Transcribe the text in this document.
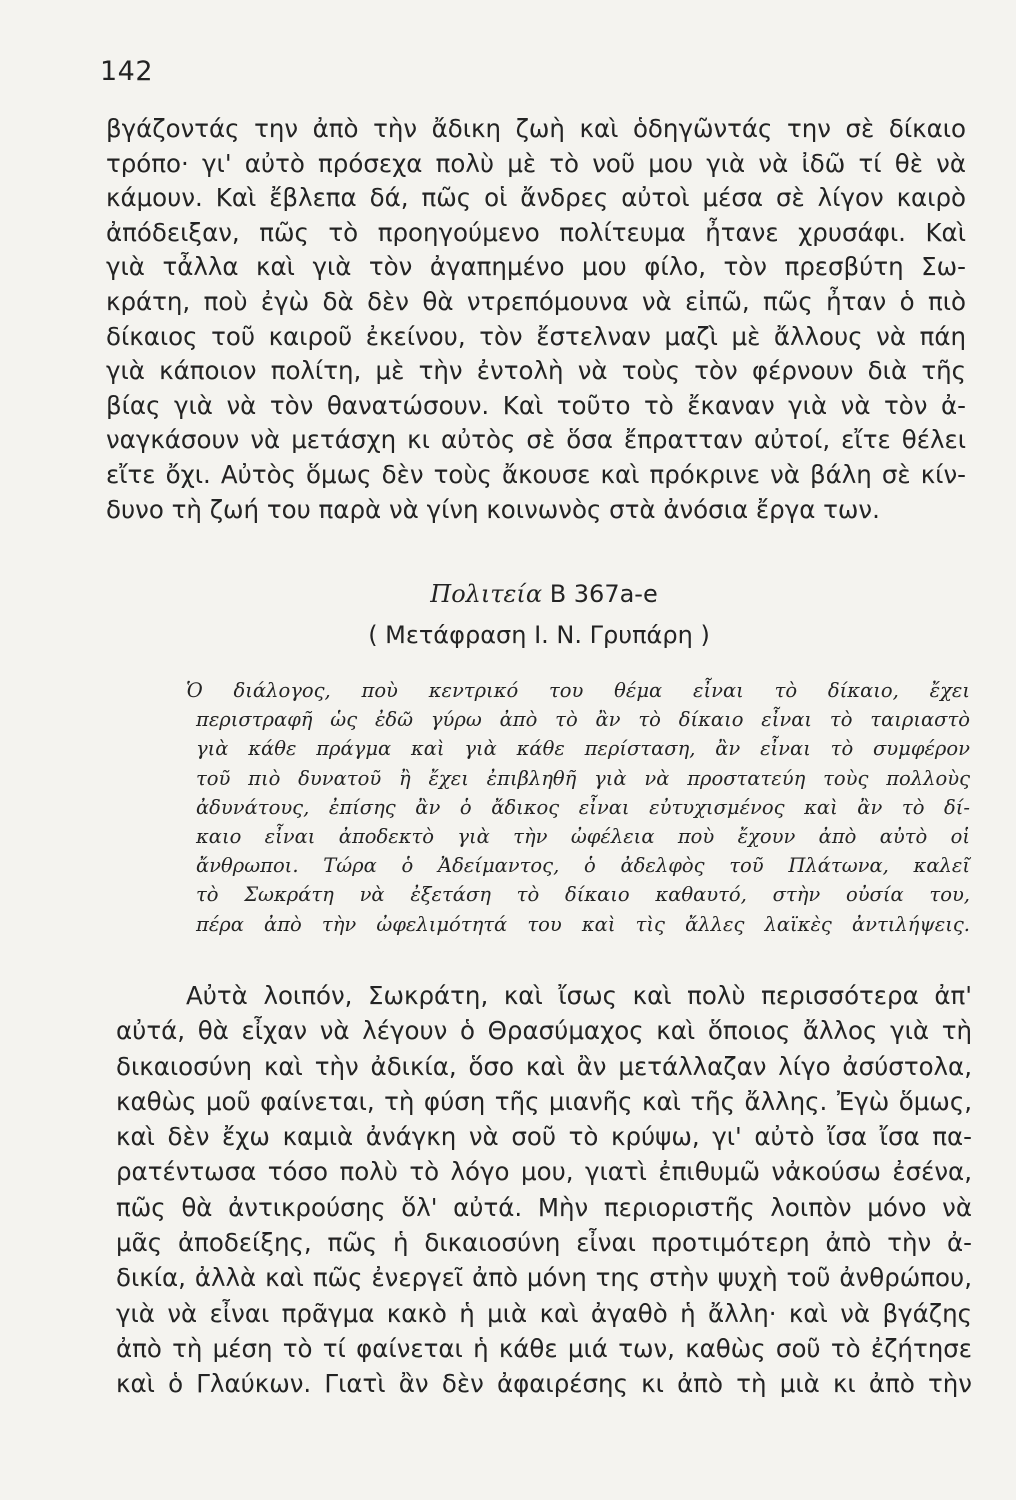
142
βγάζοντάς την ἀπὸ τὴν ἄδικη ζωὴ καὶ ὁδηγῶντάς την σὲ δίκαιο
τρόπο· γι' αὐτὸ πρόσεχα πολὺ μὲ τὸ νοῦ μου γιὰ νὰ ἰδῶ τί θὲ νὰ
κάμουν. Καὶ ἔβλεπα δά, πῶς οἱ ἄνδρες αὐτοὶ μέσα σὲ λίγον καιρὸ
ἀπόδειξαν, πῶς τὸ προηγούμενο πολίτευμα ἦτανε χρυσάφι. Καὶ
γιὰ τἆλλα καὶ γιὰ τὸν ἀγαπημένο μου φίλο, τὸν πρεσβύτη Σω-
κράτη, ποὺ ἐγὼ δὰ δὲν θὰ ντρεπόμουνα νὰ εἰπῶ, πῶς ἦταν ὁ πιὸ
δίκαιος τοῦ καιροῦ ἐκείνου, τὸν ἔστελναν μαζὶ μὲ ἄλλους νὰ πάη
γιὰ κάποιον πολίτη, μὲ τὴν ἐντολὴ νὰ τοὺς τὸν φέρνουν διὰ τῆς
βίας γιὰ νὰ τὸν θανατώσουν. Καὶ τοῦτο τὸ ἔκαναν γιὰ νὰ τὸν ἀ-
ναγκάσουν νὰ μετάσχη κι αὐτὸς σὲ ὅσα ἔπρατταν αὐτοί, εἴτε θέλει
εἴτε ὄχι. Αὐτὸς ὅμως δὲν τοὺς ἄκουσε καὶ πρόκρινε νὰ βάλη σὲ κίν-
δυνο τὴ ζωή του παρὰ νὰ γίνη κοινωνὸς στὰ ἀνόσια ἔργα των.
Πολιτεία Β 367a-e
( Μετάφραση Ι. Ν. Γρυπάρη )
Ὁ διάλογος, ποὺ κεντρικό του θέμα εἶναι τὸ δίκαιο, ἔχει
περιστραφῆ ὡς ἐδῶ γύρω ἀπὸ τὸ ἂν τὸ δίκαιο εἶναι τὸ ταιριαστὸ
γιὰ κάθε πράγμα καὶ γιὰ κάθε περίσταση, ἂν εἶναι τὸ συμφέρον
τοῦ πιὸ δυνατοῦ ἢ ἔχει ἐπιβληθῆ γιὰ νὰ προστατεύη τοὺς πολλοὺς
ἀδυνάτους, ἐπίσης ἂν ὁ ἄδικος εἶναι εὐτυχισμένος καὶ ἂν τὸ δί-
καιο εἶναι ἀποδεκτὸ γιὰ τὴν ὠφέλεια ποὺ ἔχουν ἀπὸ αὐτὸ οἱ
ἄνθρωποι. Τώρα ὁ Ἀδείμαντος, ὁ ἀδελφὸς τοῦ Πλάτωνα, καλεῖ
τὸ Σωκράτη νὰ ἐξετάση τὸ δίκαιο καθαυτό, στὴν οὐσία του,
πέρα ἀπὸ τὴν ὠφελιμότητά του καὶ τὶς ἄλλες λαϊκὲς ἀντιλήψεις.
Αὐτὰ λοιπόν, Σωκράτη, καὶ ἴσως καὶ πολὺ περισσότερα ἀπ'
αὐτά, θὰ εἶχαν νὰ λέγουν ὁ Θρασύμαχος καὶ ὅποιος ἄλλος γιὰ τὴ
δικαιοσύνη καὶ τὴν ἀδικία, ὅσο καὶ ἂν μετάλλαζαν λίγο ἀσύστολα,
καθὼς μοῦ φαίνεται, τὴ φύση τῆς μιανῆς καὶ τῆς ἄλλης. Ἐγὼ ὅμως,
καὶ δὲν ἔχω καμιὰ ἀνάγκη νὰ σοῦ τὸ κρύψω, γι' αὐτὸ ἴσα ἴσα πα-
ρατέντωσα τόσο πολὺ τὸ λόγο μου, γιατὶ ἐπιθυμῶ νἀκούσω ἐσένα,
πῶς θὰ ἀντικρούσης ὅλ' αὐτά. Μὴν περιοριστῆς λοιπὸν μόνο νὰ
μᾶς ἀποδείξης, πῶς ἡ δικαιοσύνη εἶναι προτιμότερη ἀπὸ τὴν ἀ-
δικία, ἀλλὰ καὶ πῶς ἐνεργεῖ ἀπὸ μόνη της στὴν ψυχὴ τοῦ ἀνθρώπου,
γιὰ νὰ εἶναι πρᾶγμα κακὸ ἡ μιὰ καὶ ἀγαθὸ ἡ ἄλλη· καὶ νὰ βγάζης
ἀπὸ τὴ μέση τὸ τί φαίνεται ἡ κάθε μιά των, καθὼς σοῦ τὸ ἐζήτησε
καὶ ὁ Γλαύκων. Γιατὶ ἂν δὲν ἀφαιρέσης κι ἀπὸ τὴ μιὰ κι ἀπὸ τὴν
